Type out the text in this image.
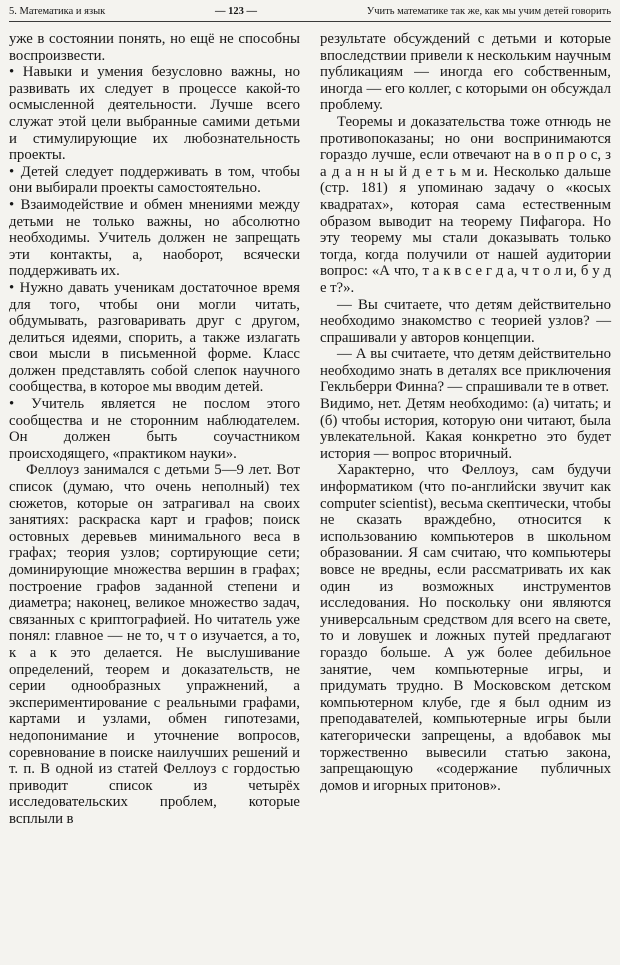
5. Математика и язык	— 123 —	Учить математике так же, как мы учим детей говорить

уже в состоянии понять, но ещё не способны воспроизвести.

• Навыки и умения безусловно важны, но развивать их следует в процессе какой-то осмысленной деятельности. Лучше всего служат этой цели выбранные самими детьми и стимулирующие их любознательность проекты.

• Детей следует поддерживать в том, чтобы они выбирали проекты самостоятельно.

• Взаимодействие и обмен мнениями между детьми не только важны, но абсолютно необходимы. Учитель должен не запрещать эти контакты, а, наоборот, всячески поддерживать их.

• Нужно давать ученикам достаточное время для того, чтобы они могли читать, обдумывать, разговаривать друг с другом, делиться идеями, спорить, а также излагать свои мысли в письменной форме. Класс должен представлять собой слепок научного сообщества, в которое мы вводим детей.

• Учитель является не послом этого сообщества и не сторонним наблюдателем. Он должен быть соучастником происходящего, «практиком науки».

Феллоуз занимался с детьми 5—9 лет. Вот список (думаю, что очень неполный) тех сюжетов, которые он затрагивал на своих занятиях: раскраска карт и графов; поиск остовных деревьев минимального веса в графах; теория узлов; сортирующие сети; доминирующие множества вершин в графах; построение графов заданной степени и диаметра; наконец, великое множество задач, связанных с криптографией. Но читатель уже понял: главное — не то, ч т о изучается, а то, к а к это делается. Не выслушивание определений, теорем и доказательств, не серии однообразных упражнений, а экспериментирование с реальными графами, картами и узлами, обмен гипотезами, недопонимание и уточнение вопросов, соревнование в поиске наилучших решений и т. п. В одной из статей Феллоуз с гордостью приводит список из четырёх исследовательских проблем, которые всплыли в

результате обсуждений с детьми и которые впоследствии привели к нескольким научным публикациям — иногда его собственным, иногда — его коллег, с которыми он обсуждал проблему.

Теоремы и доказательства тоже отнюдь не противопоказаны; но они воспринимаются гораздо лучше, если отвечают на в о п р о с, з а д а н н ы й д е т ь м и. Несколько дальше (стр. 181) я упоминаю задачу о «косых квадратах», которая сама естественным образом выводит на теорему Пифагора. Но эту теорему мы стали доказывать только тогда, когда получили от нашей аудитории вопрос: «А что, т а к в с е г д а, ч т о л и, б у д е т?».

— Вы считаете, что детям действительно необходимо знакомство с теорией узлов? — спрашивали у авторов концепции.

— А вы считаете, что детям действительно необходимо знать в деталях все приключения Гекльберри Финна? — спрашивали те в ответ.

Видимо, нет. Детям необходимо: (а) читать; и (б) чтобы история, которую они читают, была увлекательной. Какая конкретно это будет история — вопрос вторичный.

Характерно, что Феллоуз, сам будучи информатиком (что по-английски звучит как computer scientist), весьма скептически, чтобы не сказать враждебно, относится к использованию компьютеров в школьном образовании. Я сам считаю, что компьютеры вовсе не вредны, если рассматривать их как один из возможных инструментов исследования. Но поскольку они являются универсальным средством для всего на свете, то и ловушек и ложных путей предлагают гораздо больше. А уж более дебильное занятие, чем компьютерные игры, и придумать трудно. В Московском детском компьютерном клубе, где я был одним из преподавателей, компьютерные игры были категорически запрещены, а вдобавок мы торжественно вывесили статью закона, запрещающую «содержание публичных домов и игорных притонов».
